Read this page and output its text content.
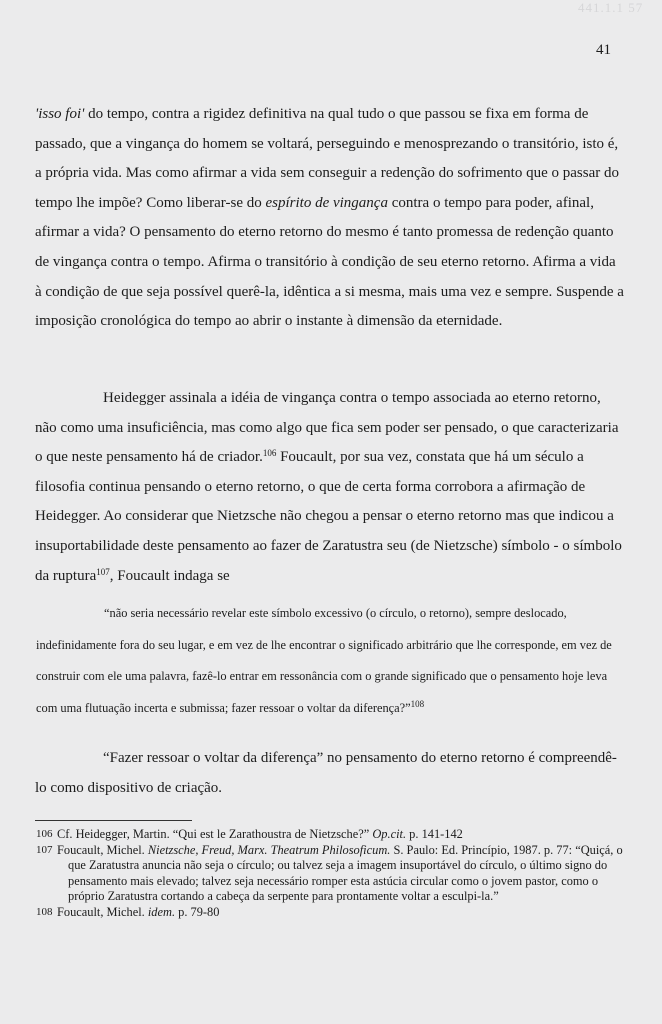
441.1.1 57
41
'isso foi' do tempo, contra a rigidez definitiva na qual tudo o que passou se fixa em forma de passado, que a vingança do homem se voltará, perseguindo e menosprezando o transitório, isto é, a própria vida. Mas como afirmar a vida sem conseguir a redenção do sofrimento que o passar do tempo lhe impõe? Como liberar-se do espírito de vingança contra o tempo para poder, afinal, afirmar a vida? O pensamento do eterno retorno do mesmo é tanto promessa de redenção quanto de vingança contra o tempo. Afirma o transitório à condição de seu eterno retorno. Afirma a vida à condição de que seja possível querê-la, idêntica a si mesma, mais uma vez e sempre. Suspende a imposição cronológica do tempo ao abrir o instante à dimensão da eternidade.
Heidegger assinala a idéia de vingança contra o tempo associada ao eterno retorno, não como uma insuficiência, mas como algo que fica sem poder ser pensado, o que caracterizaria o que neste pensamento há de criador.$^{106}$ Foucault, por sua vez, constata que há um século a filosofia continua pensando o eterno retorno, o que de certa forma corrobora a afirmação de Heidegger. Ao considerar que Nietzsche não chegou a pensar o eterno retorno mas que indicou a insuportabilidade deste pensamento ao fazer de Zaratustra seu (de Nietzsche) símbolo - o símbolo da ruptura$^{107}$, Foucault indaga se
“não seria necessário revelar este símbolo excessivo (o círculo, o retorno), sempre deslocado, indefinidamente fora do seu lugar, e em vez de lhe encontrar o significado arbitrário que lhe corresponde, em vez de construir com ele uma palavra, fazê-lo entrar em ressonância com o grande significado que o pensamento hoje leva com uma flutuação incerta e submissa; fazer ressoar o voltar da diferença?”$^{108}$
“Fazer ressoar o voltar da diferença” no pensamento do eterno retorno é compreendê-lo como dispositivo de criação.
106 Cf. Heidegger, Martin. “Qui est le Zarathoustra de Nietzsche?” Op.cit. p. 141-142
107 Foucault, Michel. Nietzsche, Freud, Marx. Theatrum Philosoficum. S. Paulo: Ed. Princípio, 1987. p. 77: “Quiçá, o que Zaratustra anuncia não seja o círculo; ou talvez seja a imagem insuportável do círculo, o último signo do pensamento mais elevado; talvez seja necessário romper esta astúcia circular como o jovem pastor, como o próprio Zaratustra cortando a cabeça da serpente para prontamente voltar a esculpi-la.”
108 Foucault, Michel. idem. p. 79-80
